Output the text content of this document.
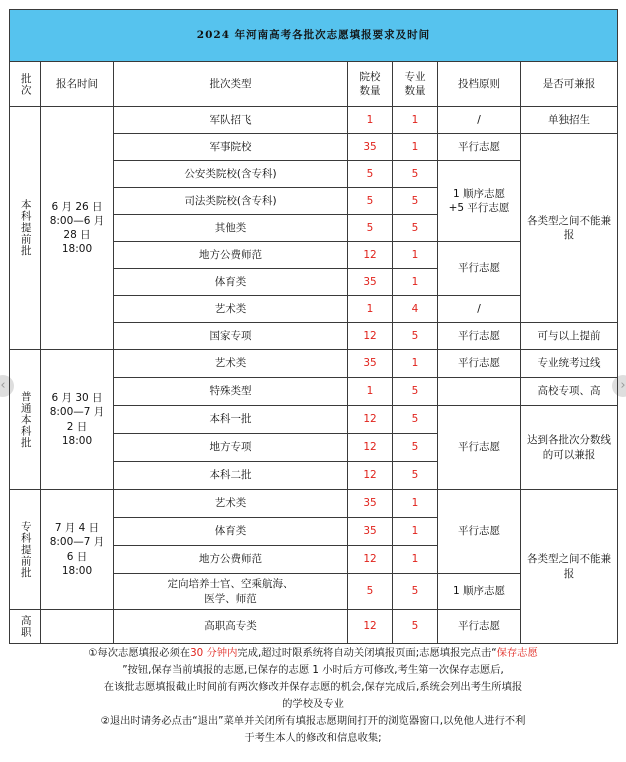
‹	›
2024 年河南高考各批次志愿填报要求及时间						

批次	报名时间	批次类型	院校数量	专业数量	投档原则	是否可兼报

本科提前批	6 月 26 日
8:00—6 月
28 日
18:00	军队招飞	1	1	/	单独招生
		军事院校	35	1	平行志愿	各类型之间不能兼报

		公安类院校(含专科)	5	5	1 顺序志愿 +5 平行志愿	

		司法类院校(含专科)	5	5		
		其他类	5	5		
		地方公费师范	12	1	平行志愿	
		体育类	35	1		
		艺术类	1	4	/	
		国家专项	12	5	平行志愿	可与以上提前

普通本科批	6 月 30 日
8:00—7 月
2 日
18:00	艺术类	35	1	平行志愿	专业统考过线
		特殊类型	1	5		高校专项、高
		本科一批	12	5	平行志愿	达到各批次分数线的可以兼报

		地方专项	12	5		
		本科二批	12	5		

专科提前批	7 月 4 日
8:00—7 月
6 日
18:00	艺术类	35	1	平行志愿	各类型之间不能兼报

		体育类	35	1		
		地方公费师范	12	1		

		定向培养士官、空乘航海、医学、师范	5	5	1 顺序志愿	

高职		高职高专类	12	5	平行志愿	
①每次志愿填报必须在30 分钟内完成,超过时限系统将自动关闭填报页面;志愿填报完点击“保存志愿
”按钮,保存当前填报的志愿,已保存的志愿 1 小时后方可修改,考生第一次保存志愿后,
在该批志愿填报截止时间前有两次修改并保存志愿的机会,保存完成后,系统会列出考生所填报
的学校及专业
②退出时请务必点击“退出”菜单并关闭所有填报志愿期间打开的浏览器窗口,以免他人进行不利
于考生本人的修改和信息收集;
